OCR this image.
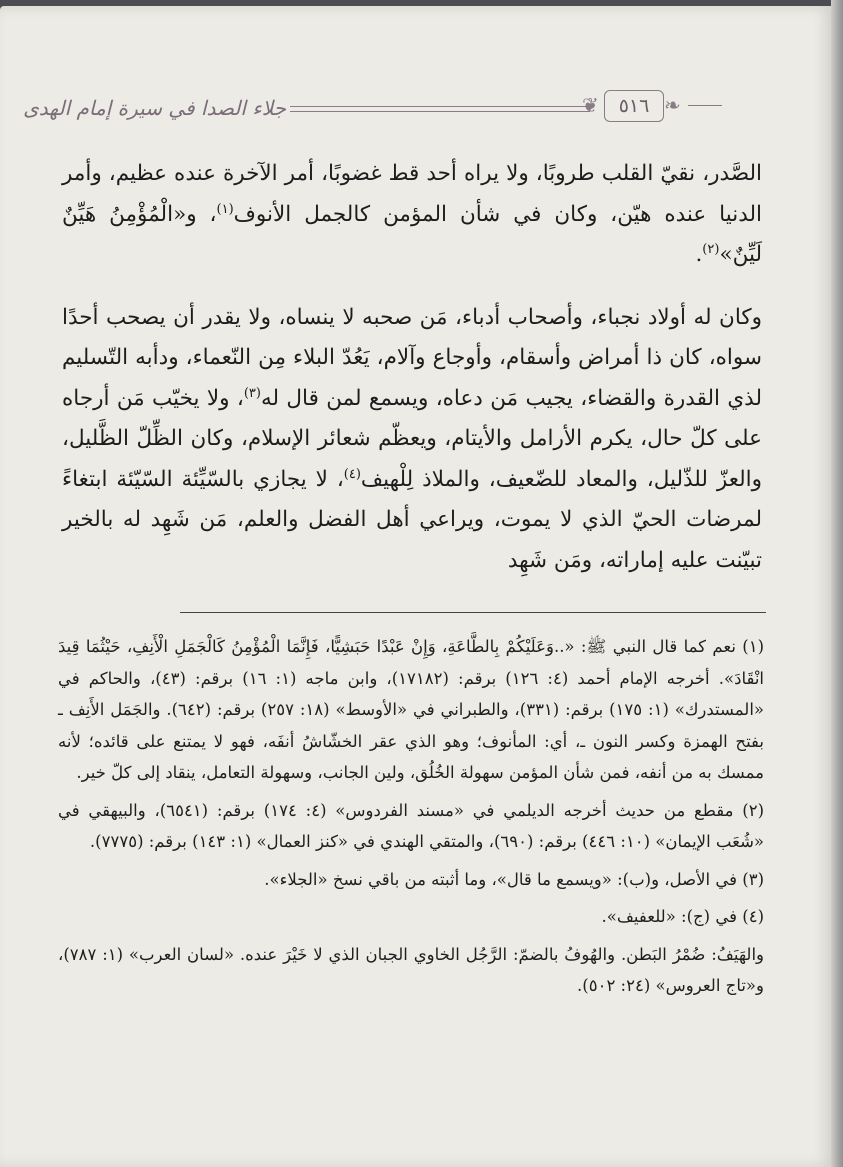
جلاء الصدا في سيرة إمام الهدى	❦	٥١٦ ❧

الصَّدر، نقيّ القلب طروبًا، ولا يراه أحد قط غضوبًا، أمر الآخرة عنده عظيم، وأمر الدنيا عنده هيّن، وكان في شأن المؤمن كالجمل الأنوف$^{(١)}$، و«الْمُؤْمِنُ هَيِّنٌ لَيِّنٌ»$^{(٢)}$.

وكان له أولاد نجباء، وأصحاب أدباء، مَن صحبه لا ينساه، ولا يقدر أن يصحب أحدًا سواه، كان ذا أمراض وأسقام، وأوجاع وآلام، يَعُدّ البلاء مِن النّعماء، ودأبه التّسليم لذي القدرة والقضاء، يجيب مَن دعاه، ويسمع لمن قال له$^{(٣)}$، ولا يخيّب مَن أرجاه على كلّ حال، يكرم الأرامل والأيتام، ويعظّم شعائر الإسلام، وكان الظِّلّ الظَّليل، والعزّ للذّليل، والمعاد للضّعيف، والملاذ لِلْهيف$^{(٤)}$، لا يجازي بالسّيِّئة السّيّئة ابتغاءً لمرضات الحيّ الذي لا يموت، ويراعي أهل الفضل والعلم، مَن شَهِد له بالخير تبيّنت عليه إماراته، ومَن شَهِد

(١) نعم كما قال النبي ﷺ: «..وَعَلَيْكُمْ بِالطَّاعَةِ، وَإِنْ عَبْدًا حَبَشِيًّا، فَإِنَّمَا الْمُؤْمِنُ كَالْجَمَلِ الْأَنِفِ، حَيْثُمَا قِيدَ انْقَادَ». أخرجه الإمام أحمد (٤: ١٢٦) برقم: (١٧١٨٢)، وابن ماجه (١: ١٦) برقم: (٤٣)، والحاكم في «المستدرك» (١: ١٧٥) برقم: (٣٣١)، والطبراني في «الأوسط» (١٨: ٢٥٧) برقم: (٦٤٢). والجَمَل الأَنِف ـ بفتح الهمزة وكسر النون ـ، أي: المأنوف؛ وهو الذي عقر الخشّاشُ أنفَه، فهو لا يمتنع على قائده؛ لأنه ممسك به من أنفه، فمن شأن المؤمن سهولة الخُلُق، ولين الجانب، وسهولة التعامل، ينقاد إلى كلّ خير.

(٢) مقطع من حديث أخرجه الديلمي في «مسند الفردوس» (٤: ١٧٤) برقم: (٦٥٤١)، والبيهقي في «شُعَب الإيمان» (١٠: ٤٤٦) برقم: (٦٩٠)، والمتقي الهندي في «كنز العمال» (١: ١٤٣) برقم: (٧٧٧٥).

(٣) في الأصل، و(ب): «ويسمع ما قال»، وما أثبته من باقي نسخ «الجلاء».

(٤) في (ج): «للعفيف».

والهَيَفُ: ضُمْرُ البَطن. والهُوفُ بالضمّ: الرَّجُل الخاوي الجبان الذي لا خَيْرَ عنده. «لسان العرب» (١: ٧٨٧)، و«تاج العروس» (٢٤: ٥٠٢).
